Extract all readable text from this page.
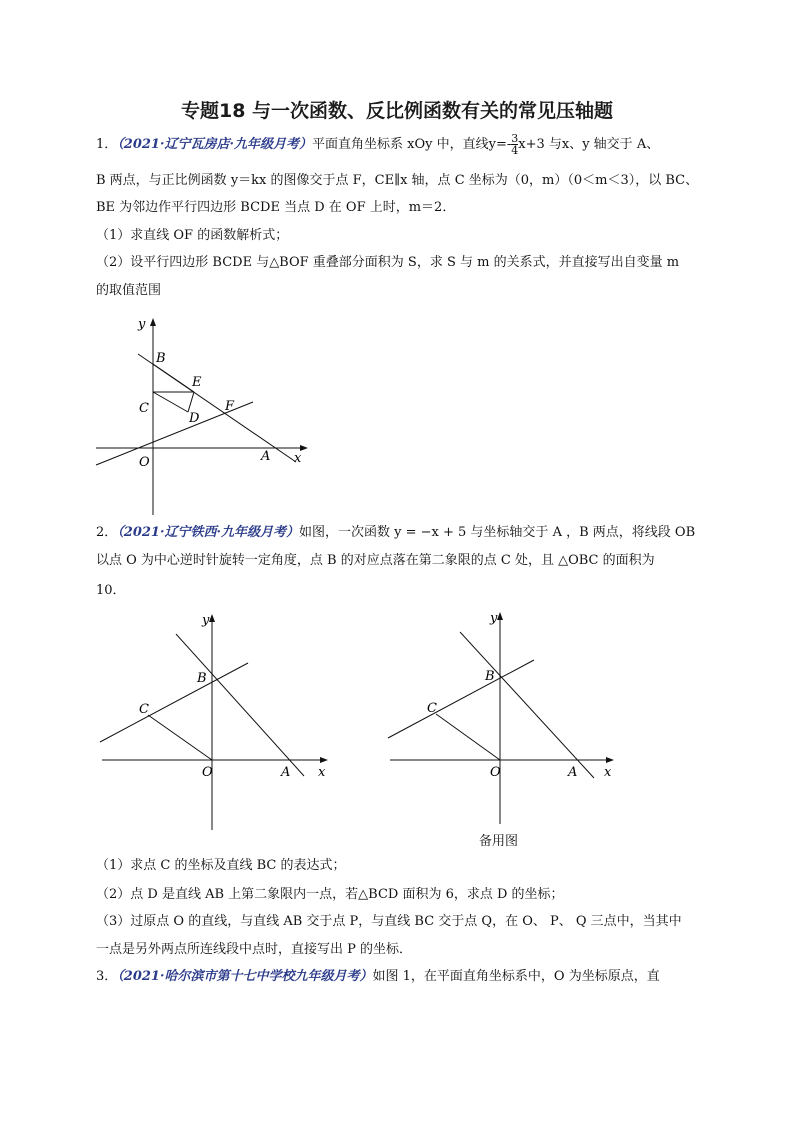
专题18 与一次函数、反比例函数有关的常见压轴题
1．（2021·辽宁瓦房店·九年级月考）平面直角坐标系 xOy 中，直线$y=- \frac{3}{4} x+3$ 与x、y 轴交于 A、
B 两点，与正比例函数 y＝kx 的图像交于点 F，CE∥x 轴，点 C 坐标为（0，m）（0＜m＜3），以 BC、
BE 为邻边作平行四边形 BCDE 当点 D 在 OF 上时，m＝2．
（1）求直线 OF 的函数解析式；
（2）设平行四边形 BCDE 与△BOF 重叠部分面积为 S，求 S 与 m 的关系式，并直接写出自变量 m
的取值范围
y
B
E
C
D
F
O	A x
2．（2021·辽宁铁西·九年级月考）如图，一次函数 y = −x + 5 与坐标轴交于 A ，B 两点，将线段 OB
以点 O 为中心逆时针旋转一定角度，点 B 的对应点落在第二象限的点 C 处，且 △OBC 的面积为
10．
y
B
C
O	A x
y
B
C
O	A x
备用图
（1）求点 C 的坐标及直线 BC 的表达式；
（2）点 D 是直线 AB 上第二象限内一点，若△BCD 面积为 6，求点 D 的坐标；
（3）过原点 O 的直线，与直线 AB 交于点 P，与直线 BC 交于点 Q，在 O、 P、 Q 三点中，当其中
一点是另外两点所连线段中点时，直接写出 P 的坐标．
3．（2021·哈尔滨市第十七中学校九年级月考）如图 1，在平面直角坐标系中，O 为坐标原点，直
